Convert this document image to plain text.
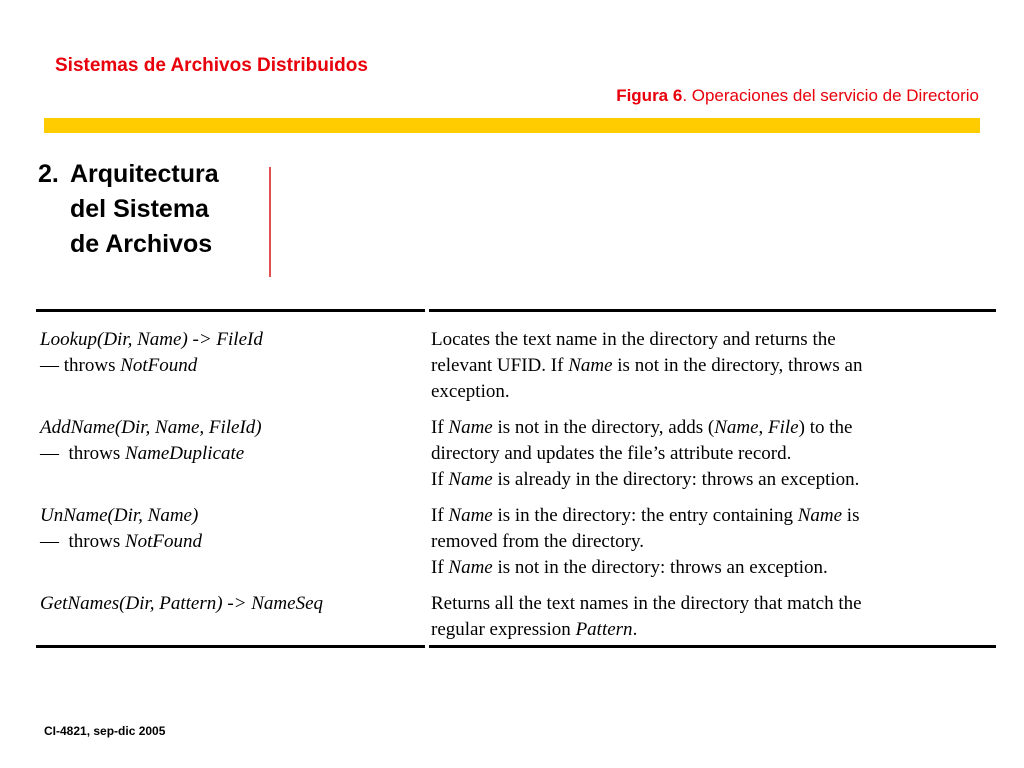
Sistemas de Archivos Distribuidos
Figura 6. Operaciones del servicio de Directorio
2. Arquitectura
del Sistema
de Archivos
Lookup(Dir, Name) -> FileId
— throws NotFound
Locates the text name in the directory and returns the
relevant UFID. If Name is not in the directory, throws an
exception.
AddName(Dir, Name, FileId)
—  throws NameDuplicate
If Name is not in the directory, adds (Name, File) to the
directory and updates the file’s attribute record.
If Name is already in the directory: throws an exception.
UnName(Dir, Name)
—  throws NotFound
If Name is in the directory: the entry containing Name is
removed from the directory.
If Name is not in the directory: throws an exception.
GetNames(Dir, Pattern) -> NameSeq	Returns all the text names in the directory that match the
regular expression Pattern.
CI-4821, sep-dic 2005
